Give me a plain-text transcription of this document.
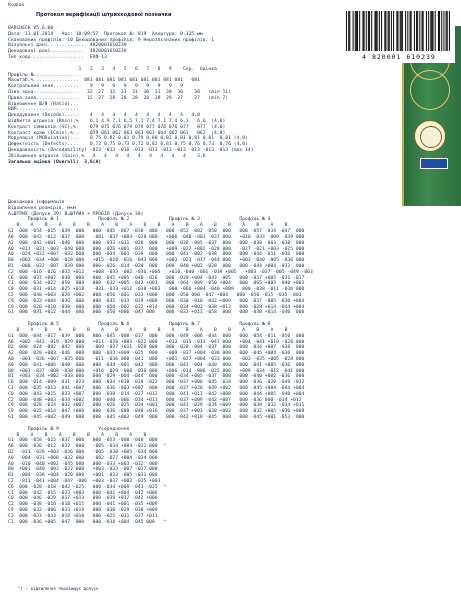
Кодіак
Протокол верифікації штрихкодової позначки
BARCHECK V5.6.00
Дата: 13.01.2014   Час: 10:09:57  Протокол №: 819  Апертура: 0.125 мм
Сканованих профілів: 10 Декодованих профілів: 9 Нерозпізнаних профілів: 1
Візуальні дані.............  4820001610239
Декодовані дані............  4820001610239
Тип коду...................  EAN-13

1   2   3   4   5   6   7   8   9    Сер.  Оцінка
Профіль №................
Масштаб,%................  081 081 081 081 081 081 081 081 081   081
Контрольний знак.........    9   9   9   9   9   9   9   9   9
Ліва зона................   32  27  32  31  31  30  31  30  30    30   (min 11)
Права зона...............   15  27  28  28  28  28  28  29  27    27   (min 7)
Відношення Ш/В (Ratio)...
ВИЯ......................
Декодування (Decode).....    4   4   4   4   4   4   4   4   4   4,0
Відбиття штрихів (Rmin),%    6,1 4,9 7,1 6,5 7,1 7,4 7,1 7,4 6,1   6,6  (4,0)
Контраст символів (SC),%.    079 075 076 079 079 077 076 076 077   077  (4,0)
Контраст краю (ECmin),%..    059 061 062 063 063 063 064 062 061   062  (4,0)
Модуляція (MODulation)...    0,75 0,82 0,81 0,79 0,80 0,82 0,81 0,81 0,81  0,81 (4,0)
Дефектність (Defects)....    0,72 0,75 0,73 0,72 0,82 0,81 0,75 0,76 0,73  0,76 (4,0)
Декодованість (Decodability) -013 -013 -016 -013 -013 -013 -013 -013 -013 -013 (max 14)
Збільшення штрихів (Gain),%   4   4   4   4   4   4   4   4   4    3,6
Загальна оцінка (Overall)  3,6(A)
Довідкова інформація
Відхилення розмірів, мкм
A=ШТРИХ (Допуск 39) B=ШТРИХ + ПРОБІЛ (Допуск 38)
Профіль № 1              Профіль № 2              Профіль № 3              Профіль № 4
B    A    B    A    B    B    A    B    A    B    B    A    B    A    B    B    A    B    A    B
G1  000 -054 -015 -039  000   000 -045 -007 -030  000   000 -052 -002 -050  000   000 -057 -034 -047  000
A8  000 -042 -012 -037  000   -001 -037 +004 -028 000   +006 -040 -001 -037 000   +010 -033 -009 -039 000
A2  000 -042 +001 -040  000   000 -033 +011 -026  000   000 -036 -005 -037  000   000 -038 -003 -038  000
A0  +011 -031 -003 -040 000   000 -026 +001 -037  000   +009 -022 +002 -028 000   -027 -021 +003 -025 000
A0  -024 +032 +007 -032 000   000 -034 -001 -039  000   000 -041 -002 -038  000   000 -044 -011 -036  000
B0  +003 -034 +000 -028 000   +015 -028 -016 -043 000   +003 -023 -017 -044 000   +003 -040 -005 -036 000
B1  -008 -032 -007 -039 000   000 -026 -014 -028  000   000 -040 +002 -028  000   000 -044 +004 -032  000
C2  000 -016 -026 -032 +012   +008 -033 -002 -036 +005   +010 -040 -001 -039 +005   +003 -037 -005 -049 -003
C6  000 -037 +007 -038  000   000 -045 +005 -040 -026   000 -039 +004 -043 -005   000 -037 +005 -031 -017
C1  000 -034 +022 -050  000   000 -032 +005 -042 +003   000 -064 -009 -050 +004   000 -065 +003 -040 +003
C0  000 -031 +014 -025 +010   -031 -033 +012 -038 +003   000 -066 +004 -040 +009   000 -038 -011 -036 000
C2  000 -048 +003 -026 +002   000 -056 -001 -033 +008   000 -050 000 -047 +004   000 -050 -015 -035 -001
C9  000 -033 +004 -036  000   000 -042 -033 -029 +008   000 -030 -010 -042 +009   000 -037 -005 -030 +004
C9  000 -020 +010 -038  000   000 -050 -002 -032 +014   000 -034 +002 -038 +013   000 -028 +014 -044 +004
G1  000 -031 +012 -044  000   000 -050 +006 -047 000    000 -033 +011 -058  000   000 -030 +014 -040  000

Профіль № 5              Профіль № 6              Профіль № 7              Профіль № 8
B    A    B    A    B    B    A    B    A    B    B    A    B    A    B    B    A    B    A    B
G1  000 -044 -017 -039  000   000 -045 -008 -037  000   000 -049 -008 -044  000   000 -054 -011 -050  000
A8  +002 -042 -019 -029 000   +011 -028 +003 -022 000   +013 -015 -013 -047 000   +004 -041 +010 -028 000
B2  000 -024 -002 -042  000   -009 -037 +011 -028 000   000 -028 -004 -037  000   000 -034 +007 -038  000
A2  000 -028 +003 -046  000   000 -033 +009 -025  000   -009 -037 +004 -038 000   000 -045 +004 -036  000
A0  -001 -036 +007 -035 000   -011 -036 000 -041  000   +001 -027 +004 -033 000   -002 -035 +005 -028 000
A0  000 -041 +006 -040  000   000 -044 -001 -042  000   000 -043 -004 -040  000   000 -041 +005 -036  000
B0  +001 -037 -008 -038 000   +016 -029 -008 -036 000   +006 -034 -006 -035 000   +009 -034 -012 -041 000
B1  +003 -034 +002 -033 000   000 -029 -004 -044  000   000 -034 +005 -037  000   000 -040 +002 -036  000
C6  000 -014 -009 -031 -023   000 -034 +010 -039 -022   000 -037 +006 -045 -034   000 -036 -020 -049 -032
C1  000 -035 +013 -041 +007   000 -036 -003 +007  000   000 -037 +020 -049 +002   000 -045 +004 -044 +004
C0  000 -043 +015 -033 +007   000 -038 -014 -027 +012   000 -041 +013 -042 +008   000 -044 +005 -040 +004
C2  000 -048 +003 -034 +002   000 -040 -006 -034 +011   000 -037 +009 -042 +007   000 -036 000 -034 +012
C9  000 -028 -024 -032 +007   000 -026 -025 -034 +003   000 -041 -029 -034 +009   000 -038 -032 -034 +011
C9  000 -022 +014 -047 +000   000 -036 -009 -040 +016   000 -037 +003 -038 +002   000 -032 +005 -036 +008
G1  000 -045 +002 -049  000   000 -045 +002 -049  000   000 -042 +010 -045  000   000 -045 +001 -053  000

Профіль № 9              Усереднення
B    A    B    A    B    B    A    B    A    B
G1  000 -058 -015 -037  000   000 -053 -008 -040  000
A8  000 -036 -012 -032  000   -005 -034 +004 -031 000  ^
B2  -011 -028 +003 -036 000   -005 -030 +005 -034 000
A0  -004 -031 +008 -032 000   -002 -027 +004 -034 000
A0  -010 -040 +002 -045 000   000 -033 +003 -032  000
B0  +001 -040 -003 -022 000   +003 -033 -007 -037 000
B1  -004 -038 +004 -020 000   +001 -033 -005 -031 000
C2  -011 -041 +004 -047 -006  +003 -037 +002 -035 +003
C6  000 -028 -018 -042 -025   000 -034 +009 -041 -025  ^
C1  000 -042 -015 -023 +003   000 -041 +004 -042 +006
C0  000 -046 -029 -017 +013   000 -039 +017 -042 +006
C2  000 -038 -010 -018 +015   000 -041 +001 -035 +009
C9  000 -032 -006 -033 +019   000 -030 -029 -030 +009
C3  000 -033 -033 -019 +010   000 -025 -011 -037 +011
C1  000 -036 +005 -047  000   000 -038 +004 -045 000   ^
^) - відхилення перевищує допуск
4 820001 610239
